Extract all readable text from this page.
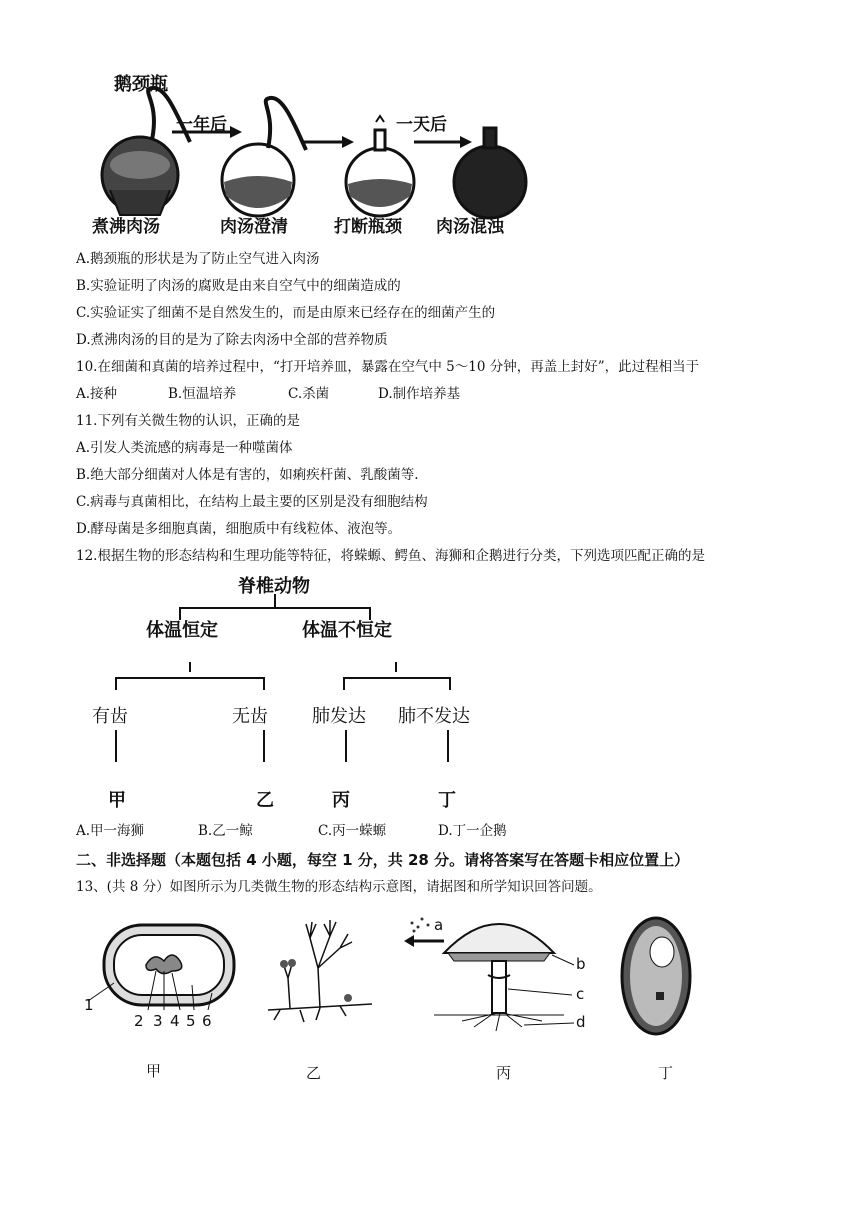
鹅颈瓶
一年后	一天后
煮沸肉汤	肉汤澄清	打断瓶颈 肉汤混浊
A.鹅颈瓶的形状是为了防止空气进入肉汤
B.实验证明了肉汤的腐败是由来自空气中的细菌造成的
C.实验证实了细菌不是自然发生的，而是由原来已经存在的细菌产生的
D.煮沸肉汤的目的是为了除去肉汤中全部的营养物质
10.在细菌和真菌的培养过程中，“打开培养皿，暴露在空气中 5～10 分钟，再盖上封好”，此过程相当于
A.接种	B.恒温培养	C.杀菌	D.制作培养基
11.下列有关微生物的认识，正确的是
A.引发人类流感的病毒是一种噬菌体
B.绝大部分细菌对人体是有害的，如痢疾杆菌、乳酸菌等.
C.病毒与真菌相比，在结构上最主要的区别是没有细胞结构
D.酵母菌是多细胞真菌，细胞质中有线粒体、液泡等。
12.根据生物的形态结构和生理功能等特征，将蝾螈、鳄鱼、海狮和企鹅进行分类，下列选项匹配正确的是
脊椎动物
体温恒定	体温不恒定
有齿	无齿 肺发达 肺不发达
甲	乙	丙	丁
A.甲一海狮	B.乙一鲸	C.丙一蝾螈	D.丁一企鹅
二、非选择题（本题包括 4 小题，每空 1 分，共 28 分。请将答案写在答题卡相应位置上）
13、(共 8 分）如图所示为几类微生物的形态结构示意图，请据图和所学知识回答问题。
1
2 3 4 5 6
a
b
c
d
甲	乙	丙	丁
